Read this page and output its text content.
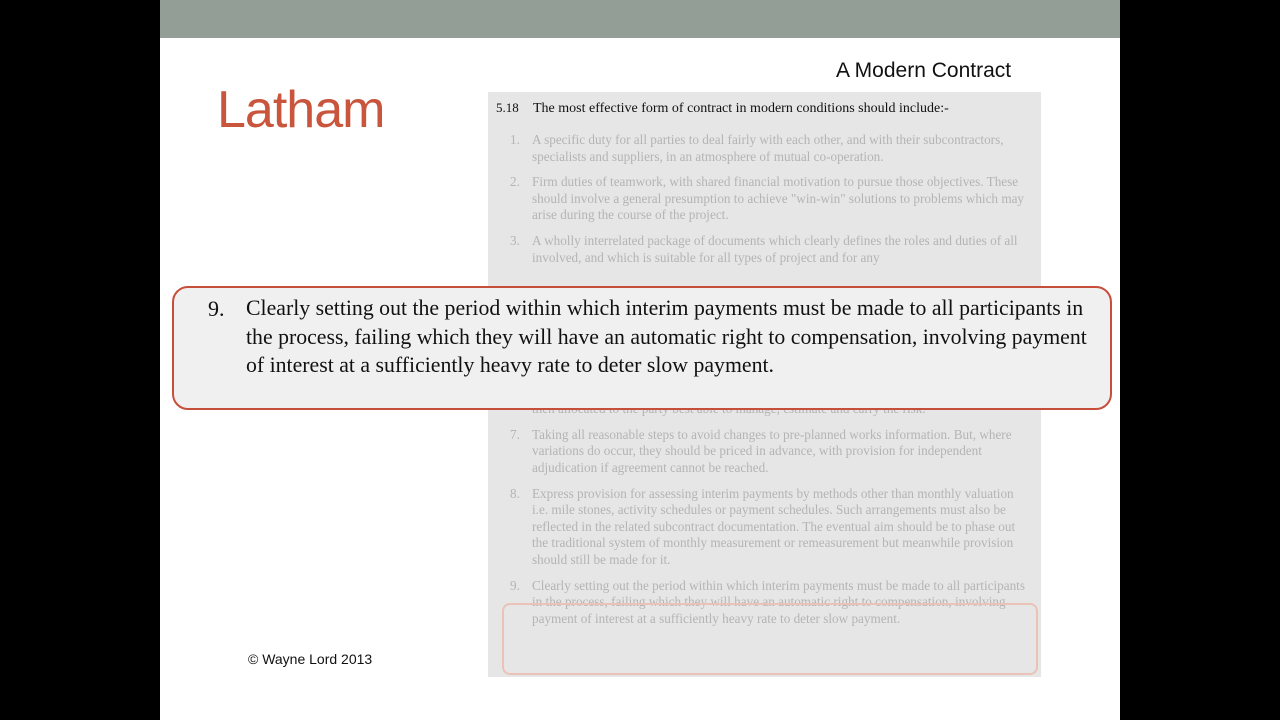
Latham
A Modern Contract
5.18 The most effective form of contract in modern conditions should include:-
1. A specific duty for all parties to deal fairly with each other, and with their subcontractors, specialists and suppliers, in an atmosphere of mutual co-operation.
2. Firm duties of teamwork, with shared financial motivation to pursue those objectives. These should involve a general presumption to achieve "win-win" solutions to problems which may arise during the course of the project.
3. A wholly interrelated package of documents which clearly defines the roles and duties of all involved, and which is suitable for all types of project and for any
7. Taking all reasonable steps to avoid changes to pre-planned works information. But, where variations do occur, they should be priced in advance, with provision for independent adjudication if agreement cannot be reached.
8. Express provision for assessing interim payments by methods other than monthly valuation i.e. mile stones, activity schedules or payment schedules. Such arrangements must also be reflected in the related subcontract documentation. The eventual aim should be to phase out the traditional system of monthly measurement or remeasurement but meanwhile provision should still be made for it.
9. Clearly setting out the period within which interim payments must be made to all participants in the process, failing which they will have an automatic right to compensation, involving payment of interest at a sufficiently heavy rate to deter slow payment.
9. Clearly setting out the period within which interim payments must be made to all participants in the process, failing which they will have an automatic right to compensation, involving payment of interest at a sufficiently heavy rate to deter slow payment.
© Wayne Lord 2013
